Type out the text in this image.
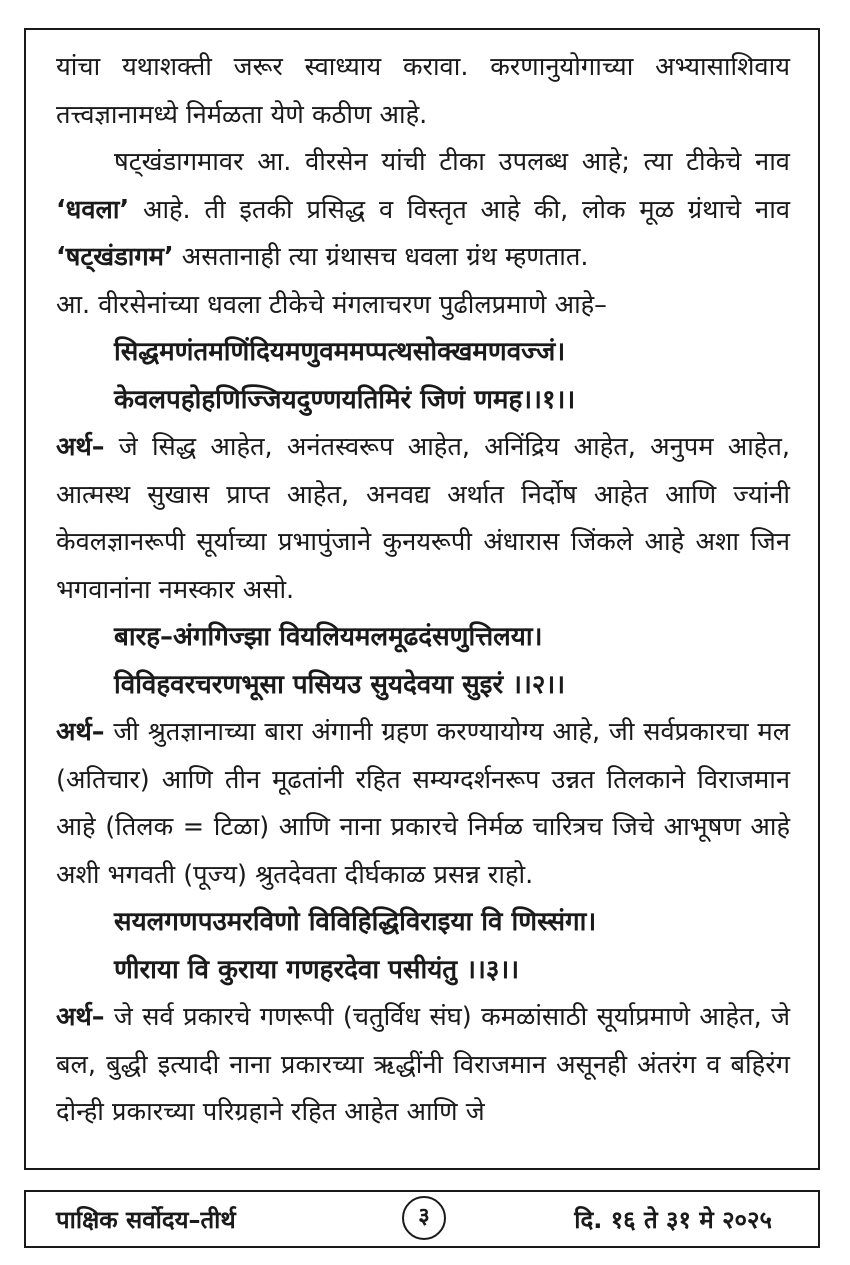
यांचा यथाशक्ती जरूर स्वाध्याय करावा. करणानुयोगाच्या अभ्यासाशिवाय तत्त्वज्ञानामध्ये निर्मळता येणे कठीण आहे.

षट्खंडागमावर आ. वीरसेन यांची टीका उपलब्ध आहे; त्या टीकेचे नाव ‘धवला’ आहे. ती इतकी प्रसिद्ध व विस्तृत आहे की, लोक मूळ ग्रंथाचे नाव ‘षट्खंडागम’ असतानाही त्या ग्रंथासच धवला ग्रंथ म्हणतात.

आ. वीरसेनांच्या धवला टीकेचे मंगलाचरण पुढीलप्रमाणे आहे–

सिद्धमणंतमणिंदियमणुवममप्पत्थसोक्खमणवज्जं।

केवलपहोहणिज्जियदुण्णयतिमिरं जिणं णमह।।१।।

अर्थ– जे सिद्ध आहेत, अनंतस्वरूप आहेत, अनिंद्रिय आहेत, अनुपम आहेत, आत्मस्थ सुखास प्राप्त आहेत, अनवद्य अर्थात निर्दोष आहेत आणि ज्यांनी केवलज्ञानरूपी सूर्याच्या प्रभापुंजाने कुनयरूपी अंधारास जिंकले आहे अशा जिन भगवानांना नमस्कार असो.

बारह–अंगगिज्झा वियलियमलमूढदंसणुत्तिलया।

विविहवरचरणभूसा पसियउ सुयदेवया सुइरं ।।२।।

अर्थ– जी श्रुतज्ञानाच्या बारा अंगानी ग्रहण करण्यायोग्य आहे, जी सर्वप्रकारचा मल (अतिचार) आणि तीन मूढतांनी रहित सम्यग्दर्शनरूप उन्नत तिलकाने विराजमान आहे (तिलक = टिळा) आणि नाना प्रकारचे निर्मळ चारित्रच जिचे आभूषण आहे अशी भगवती (पूज्य) श्रुतदेवता दीर्घकाळ प्रसन्न राहो.

सयलगणपउमरविणो विविहिद्धिविराइया वि णिस्संगा।

णीराया वि कुराया गणहरदेवा पसीयंतु ।।३।।

अर्थ– जे सर्व प्रकारचे गणरूपी (चतुर्विध संघ) कमळांसाठी सूर्याप्रमाणे आहेत, जे बल, बुद्धी इत्यादी नाना प्रकारच्या ऋद्धींनी विराजमान असूनही अंतरंग व बहिरंग दोन्ही प्रकारच्या परिग्रहाने रहित आहेत आणि जे

पाक्षिक सर्वोदय–तीर्थ	३	दि. १६ ते ३१ मे २०२५
